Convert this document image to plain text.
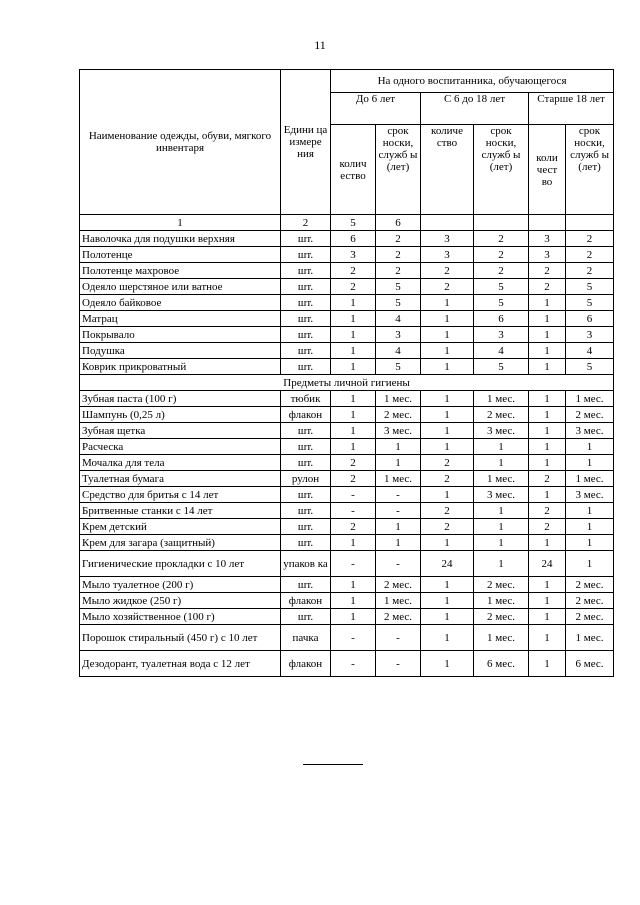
11
Наименование одежды, обуви, мягкого инвентаря	Едини ца измере ния	На одного воспитанника, обучающегося					
		До 6 лет		С 6 до 18 лет		Старше 18 лет	
		колич ество	срок носки, служб ы (лет)	количе ство	срок носки, служб ы (лет)	коли чест во	срок носки, служб ы (лет)
1	2	5	6				
Наволочка для подушки верхняя	шт.	6	2	3	2	3	2
Полотенце	шт.	3	2	3	2	3	2
Полотенце махровое	шт.	2	2	2	2	2	2
Одеяло шерстяное или ватное	шт.	2	5	2	5	2	5
Одеяло байковое	шт.	1	5	1	5	1	5
Матрац	шт.	1	4	1	6	1	6
Покрывало	шт.	1	3	1	3	1	3
Подушка	шт.	1	4	1	4	1	4
Коврик прикроватный	шт.	1	5	1	5	1	5
Предметы личной гигиены							
Зубная паста (100 г)	тюбик	1	1 мес.	1	1 мес.	1	1 мес.
Шампунь (0,25 л)	флакон	1	2 мес.	1	2 мес.	1	2 мес.
Зубная щетка	шт.	1	3 мес.	1	3 мес.	1	3 мес.
Расческа	шт.	1	1	1	1	1	1
Мочалка для тела	шт.	2	1	2	1	1	1
Туалетная бумага	рулон	2	1 мес.	2	1 мес.	2	1 мес.
Средство для бритья с 14 лет	шт.	-	-	1	3 мес.	1	3 мес.
Бритвенные станки с 14 лет	шт.	-	-	2	1	2	1
Крем детский	шт.	2	1	2	1	2	1
Крем для загара (защитный)	шт.	1	1	1	1	1	1
Гигиенические прокладки с 10 лет	упаков ка	-	-	24	1	24	1
Мыло туалетное (200 г)	шт.	1	2 мес.	1	2 мес.	1	2 мес.
Мыло жидкое (250 г)	флакон	1	1 мес.	1	1 мес.	1	2 мес.
Мыло хозяйственное (100 г)	шт.	1	2 мес.	1	2 мес.	1	2 мес.
Порошок стиральный (450 г) с 10 лет	пачка	-	-	1	1 мес.	1	1 мес.
Дезодорант, туалетная вода с 12 лет	флакон	-	-	1	6 мес.	1	6 мес.
